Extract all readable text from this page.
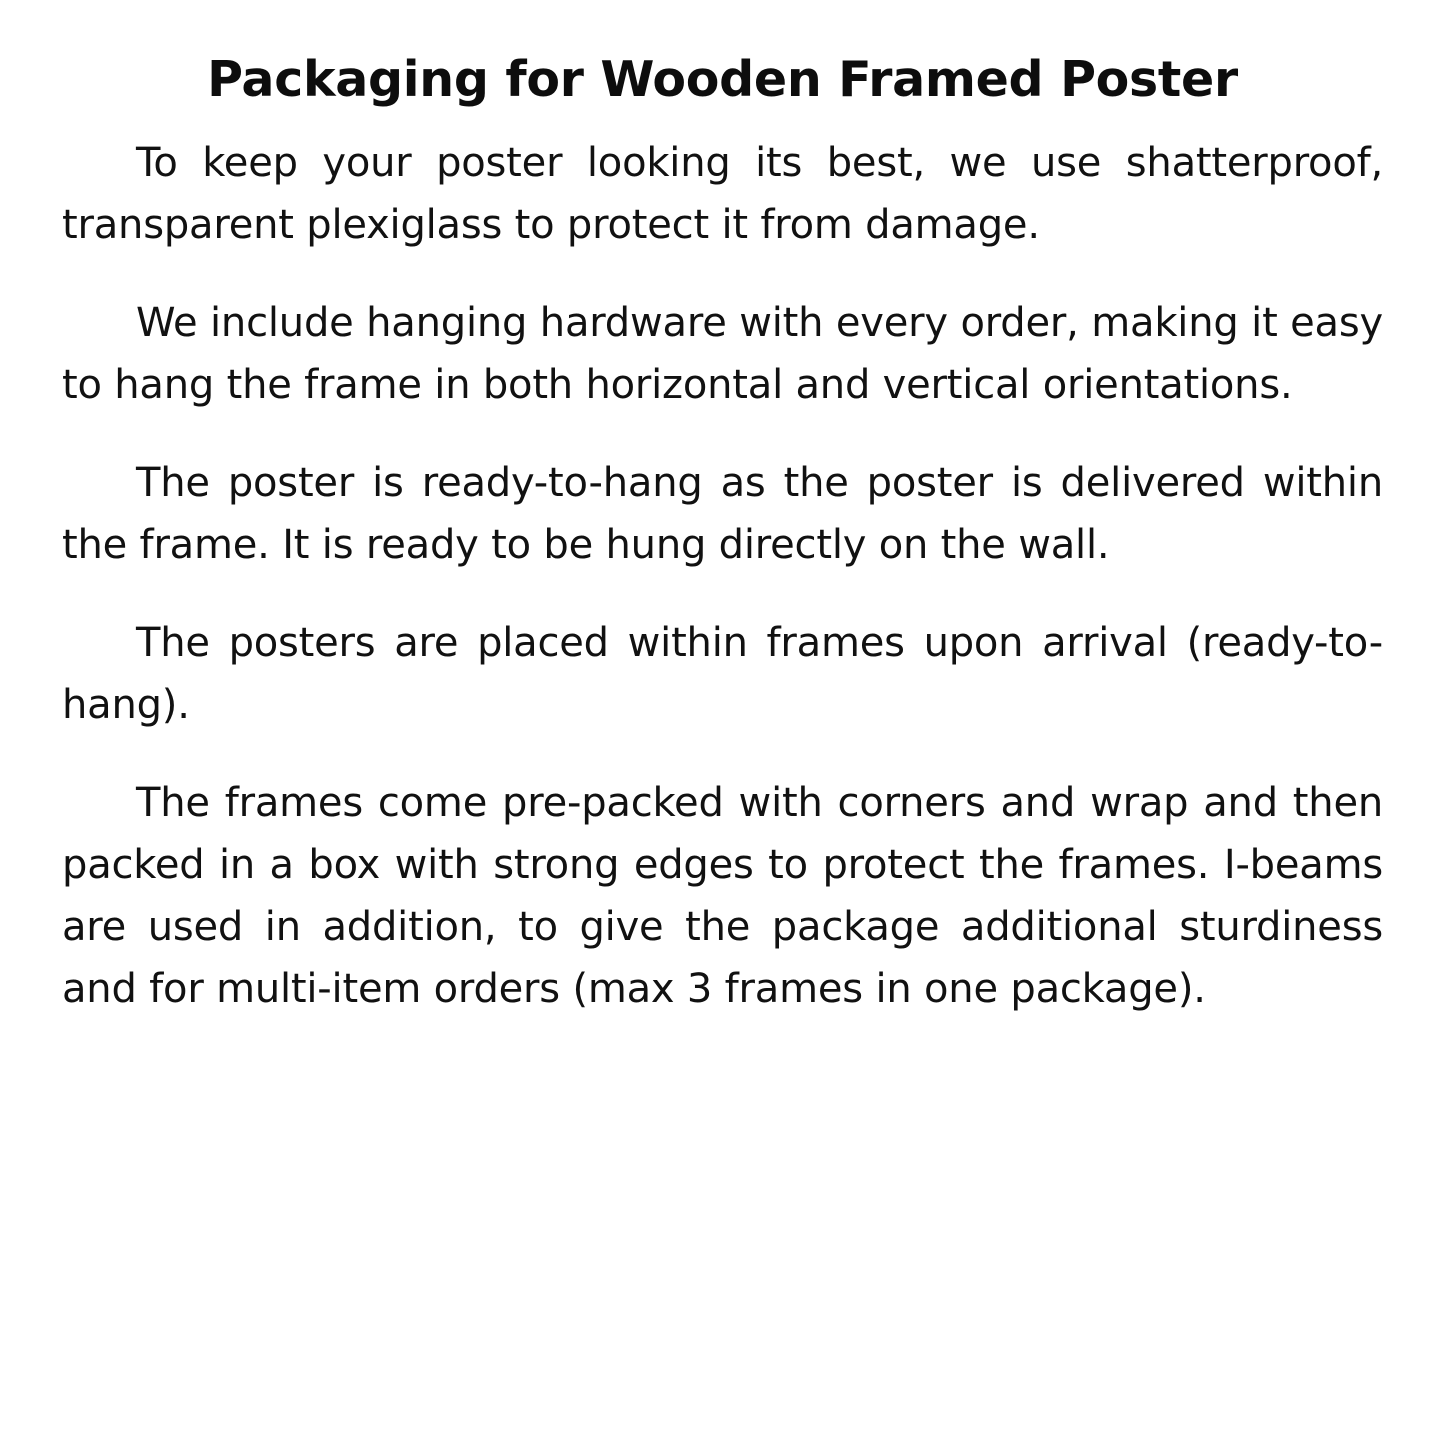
Packaging for Wooden Framed Poster

To keep your poster looking its best, we use shatterproof, transparent plexiglass to protect it from damage.

We include hanging hardware with every order, making it easy to hang the frame in both horizontal and vertical orientations.

The poster is ready-to-hang as the poster is delivered within the frame. It is ready to be hung directly on the wall.

The posters are placed within frames upon arrival (ready-to-hang).

The frames come pre-packed with corners and wrap and then packed in a box with strong edges to protect the frames. I-beams are used in addition, to give the package additional sturdiness and for multi-item orders (max 3 frames in one package).
